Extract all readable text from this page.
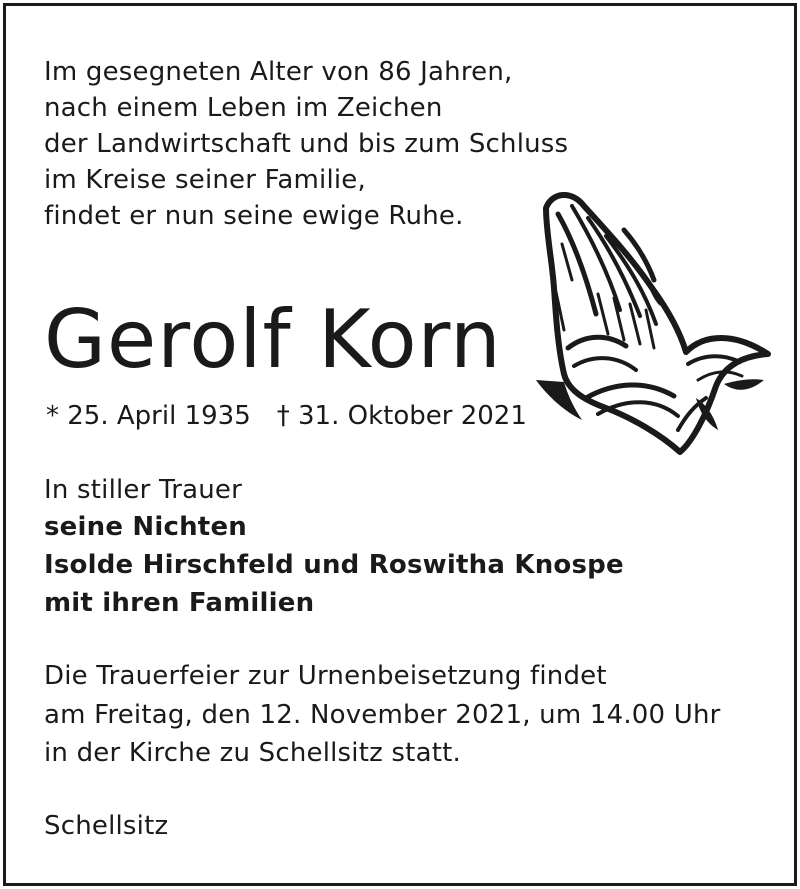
Im gesegneten Alter von 86 Jahren,
nach einem Leben im Zeichen
der Landwirtschaft und bis zum Schluss
im Kreise seiner Familie,
findet er nun seine ewige Ruhe.
Gerolf Korn
* 25. April 1935 † 31. Oktober 2021
In stiller Trauer
seine Nichten
Isolde Hirschfeld und Roswitha Knospe
mit ihren Familien
Die Trauerfeier zur Urnenbeisetzung findet
am Freitag, den 12. November 2021, um 14.00 Uhr
in der Kirche zu Schellsitz statt.
Schellsitz
